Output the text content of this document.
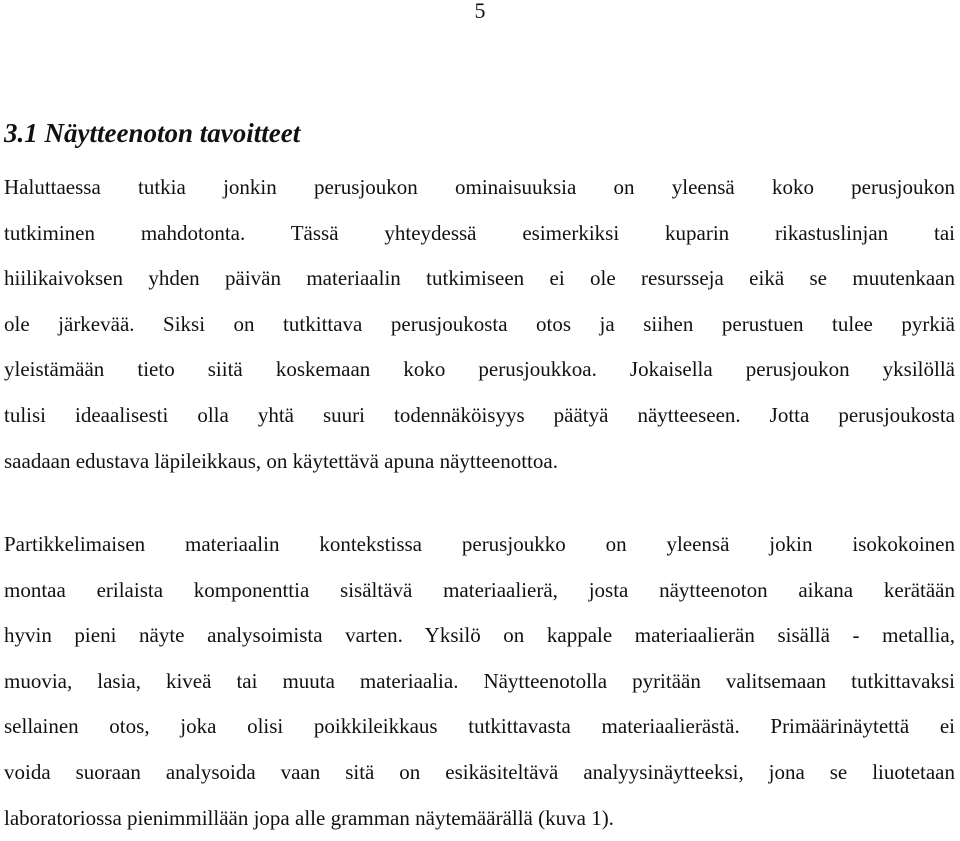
5
3.1 Näytteenoton tavoitteet

Haluttaessa tutkia jonkin perusjoukon ominaisuuksia on yleensä koko perusjoukon
tutkiminen mahdotonta. Tässä yhteydessä esimerkiksi kuparin rikastuslinjan tai
hiilikaivoksen yhden päivän materiaalin tutkimiseen ei ole resursseja eikä se muutenkaan
ole järkevää. Siksi on tutkittava perusjoukosta otos ja siihen perustuen tulee pyrkiä
yleistämään tieto siitä koskemaan koko perusjoukkoa. Jokaisella perusjoukon yksilöllä
tulisi ideaalisesti olla yhtä suuri todennäköisyys päätyä näytteeseen. Jotta perusjoukosta
saadaan edustava läpileikkaus, on käytettävä apuna näytteenottoa.

Partikkelimaisen materiaalin kontekstissa perusjoukko on yleensä jokin isokokoinen
montaa erilaista komponenttia sisältävä materiaalierä, josta näytteenoton aikana kerätään
hyvin pieni näyte analysoimista varten. Yksilö on kappale materiaalierän sisällä - metallia,
muovia, lasia, kiveä tai muuta materiaalia. Näytteenotolla pyritään valitsemaan tutkittavaksi
sellainen otos, joka olisi poikkileikkaus tutkittavasta materiaalierästä. Primäärinäytettä ei
voida suoraan analysoida vaan sitä on esikäsiteltävä analyysinäytteeksi, jona se liuotetaan
laboratoriossa pienimmillään jopa alle gramman näytemäärällä (kuva 1).
